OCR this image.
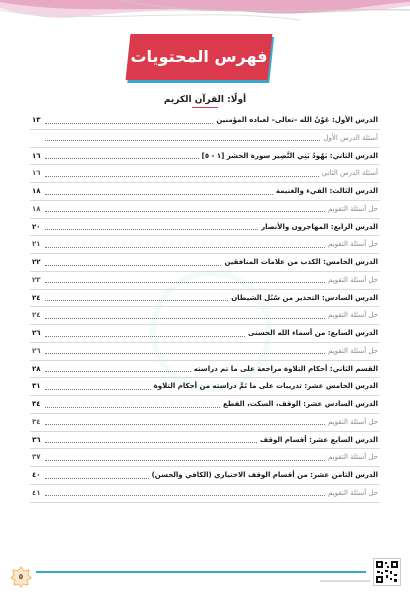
فهرس المحتويات
أولًا: القرآن الكريم
الدرس الأول: عَوْنُ الله –تعالى– لعباده المؤمنين
١٣
أسئلة الدرس الأول
الدرس الثاني: يَهُودُ بَنِي النَّضِير سورة الحشر [١ - ٥]
١٦
أسئلة الدرس الثاني
١٦
الدرس الثالث: الفيء والغنيمة
١٨
حل أسئلة التقويم
١٨
الدرس الرابع: المهاجرون والأنصار
٢٠
حل أسئلة التقويم
٢١
الدرس الخامس: الكذب من علامات المنافقين
٢٢
حل أسئلة التقويم
٢٣
الدرس السادس: التحذير من سُبُل الشيطان
٢٤
حل أسئلة التقويم
٢٤
الدرس السابع: من أسماء الله الحسنى
٢٦
حل أسئلة التقويم
٢٦
القسم الثاني: أحكام التلاوة مراجعة على ما تم دراسته
٢٨
الدرس الخامس عشر: تدريبات على ما تَمَّ دراسته من أحكام التلاوة
٣١
الدرس السادس عشر: الوقف، السكت، القطع
٣٤
حل أسئلة التقويم
٣٤
الدرس السابع عشر: أقسام الوقف
٣٦
حل أسئلة التقويم
٣٧
الدرس الثامن عشر: من أقسام الوقف الاختياري (الكافي والحسن)
٤٠
حل أسئلة التقويم
٤١
٥
